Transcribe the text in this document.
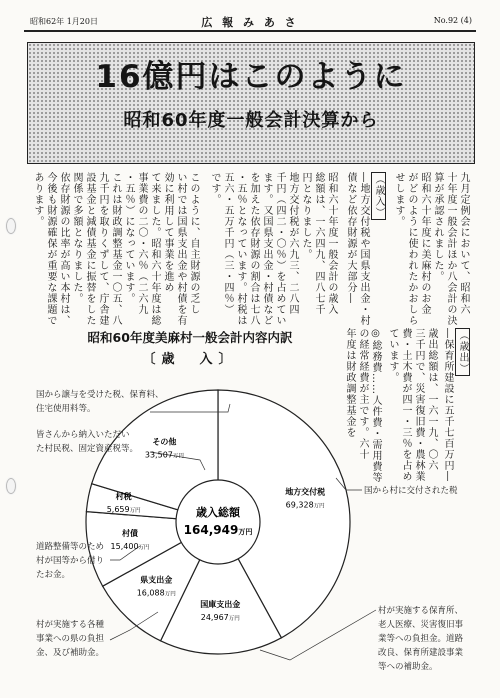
昭和62年 1月20日	広 報 み あ さ	No.92 (4)
16億円はこのように
昭和60年度一般会計決算から
九月定例会において、昭和六
十年度一般会計ほか八会計の決
算が承認されました。
昭和六十年度に美麻村のお金
がどのように使われたかおしら
せします。
（歳入）
―地方交付税や国県支出金・村
債など依存財源が大部分―
昭和六十年度一般会計の歳入
総額は、一六四九、四八七千
円となりました。
地方交付税が六九三、二八四
千円（四二・〇％）を占めてい
ます。又国県支出金・村債など
を加えた依存財源の割合は七八
・五％となっています。村税は
五六・五万千円（三・四％）
です。
このように、自主財源の乏し
い村では国県支出金や村債を有
効に利用して事業を進め
て来ました。昭和六十年度は総
事業費の二〇・六％（二六九
・五％）になっています。
これは財政調整基金一〇五、八
九千円を取りくずして、庁舎建
設基金と減債基金に振替をした
関係で多額となりました。
依存財源の比率が高い本村は、
今後も財源確保が重要な課題で
あります。
（歳出）
―保育所建設に五千七百万円―
歳出総額は、一六一九、〇六
三千円で、災害復旧費・農林業
費・土木費が四一・三％を占め
ています。
◎総務費……人件費・需用費等
の経常経費が主です。六十
年度は財政調整基金を
昭和60年度美麻村一般会計内容内訳
〔歳　入〕
地方交付税
69,328万円
国庫支出金
24,967万円
県支出金
16,088万円
村債
15,400万円
村税
5,659万円
その他
33,507万円
歳入総額
164,949万円
国から譲与を受けた税、保育料、
住宅使用料等。
皆さんから納入いただい
た村民税、固定資産税等。
道路整備等のため
村が国等から借り
たお金。
村が実施する各種
事業への県の負担
金、及び補助金。
国から村に交付された税
村が実施する保育所、
老人医療、災害復旧事
業等への負担金。道路
改良、保育所建設事業
等への補助金。
